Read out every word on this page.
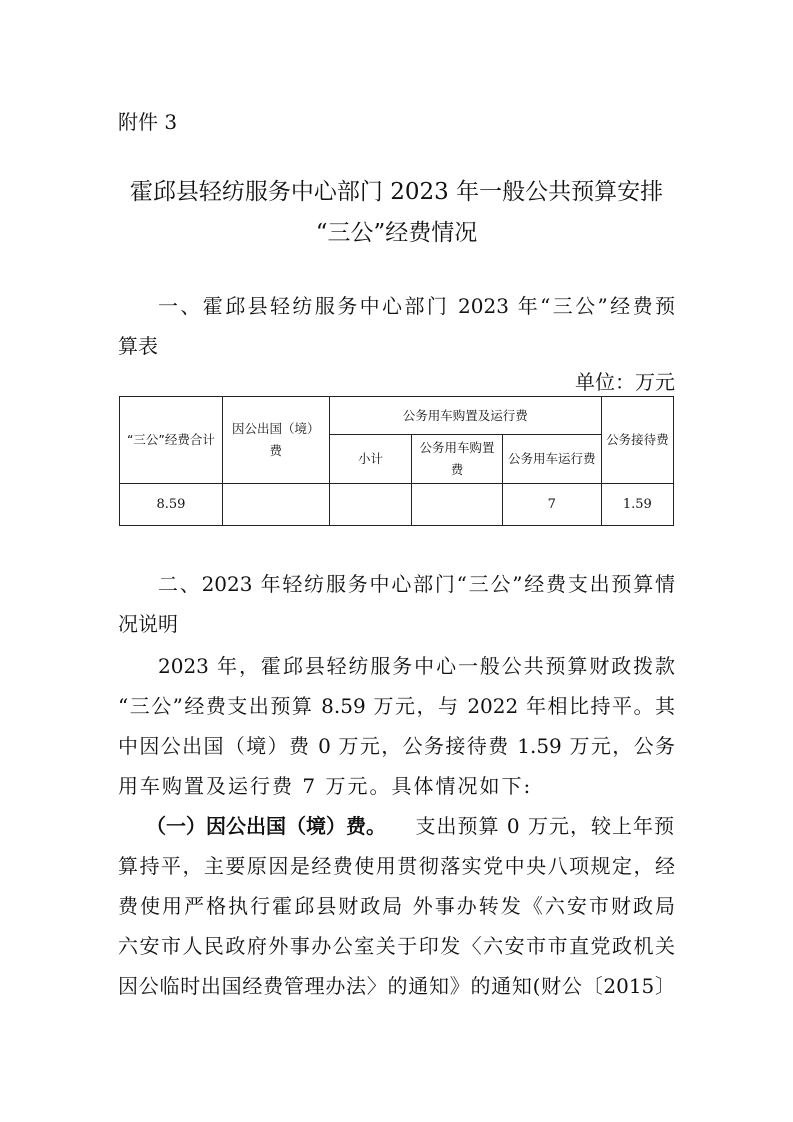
附件 3
霍邱县轻纺服务中心部门 2023 年一般公共预算安排
“三公”经费情况
一、霍邱县轻纺服务中心部门 2023 年“三公”经费预
算表
单位：万元
“三公”经费合计	因公出国（境）费	公务用车购置及运行费			公务接待费
		小计	公务用车购置费	公务用车运行费	
8.59				7	1.59
二、2023 年轻纺服务中心部门“三公”经费支出预算情
况说明
2023 年，霍邱县轻纺服务中心一般公共预算财政拨款
“三公”经费支出预算 8.59 万元，与 2022 年相比持平。其
中因公出国（境）费 0 万元，公务接待费 1.59 万元，公务
用车购置及运行费 7 万元。具体情况如下:
（一）因公出国（境）费。 支出预算 0 万元，较上年预
算持平，主要原因是经费使用贯彻落实党中央八项规定，经
费使用严格执行霍邱县财政局 外事办转发《六安市财政局
六安市人民政府外事办公室关于印发〈六安市市直党政机关
因公临时出国经费管理办法〉的通知》的通知(财公〔2015〕
